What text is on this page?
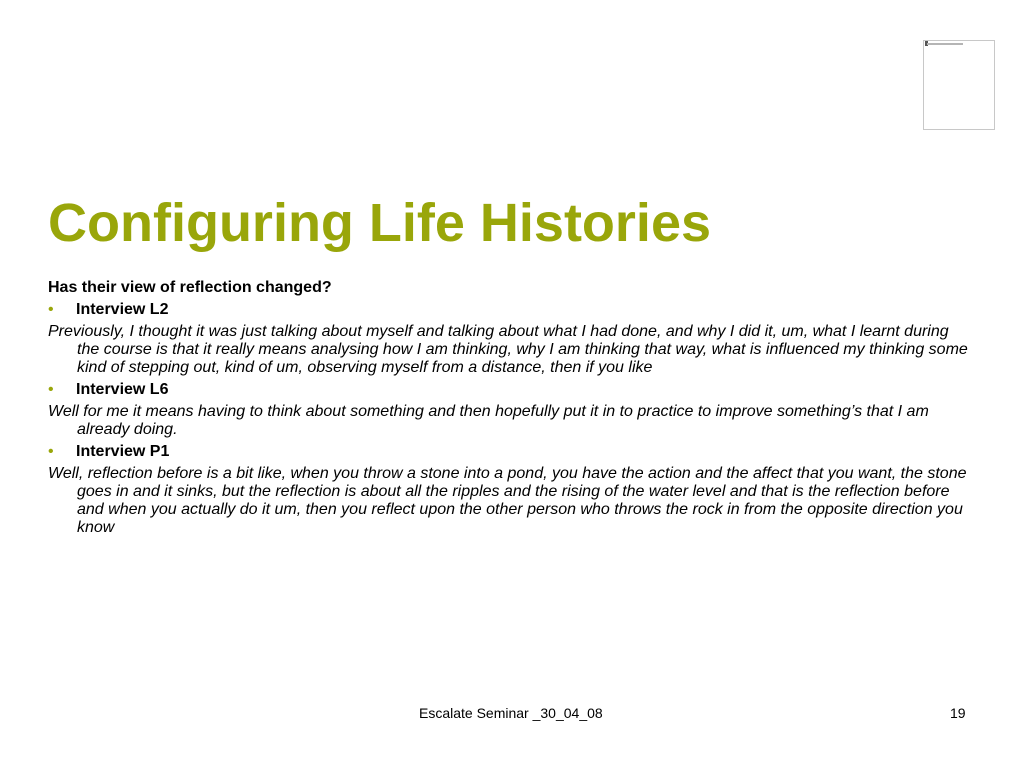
Configuring Life Histories

Has their view of reflection changed?

• Interview L2

Previously, I thought it was just talking about myself and talking about what I had done, and why I did it, um, what I learnt during the course is that it really means analysing how I am thinking, why I am thinking that way, what is influenced my thinking some kind of stepping out, kind of um, observing myself from a distance, then if you like

• Interview L6

Well for me it means having to think about something and then hopefully put it in to practice to improve something’s that I am already doing.

• Interview P1

Well, reflection before is a bit like, when you throw a stone into a pond, you have the action and the affect that you want, the stone goes in and it sinks, but the reflection is about all the ripples and the rising of the water level and that is the reflection before and when you actually do it um, then you reflect upon the other person who throws the rock in from the opposite direction you know

Escalate Seminar _30_04_08	19
